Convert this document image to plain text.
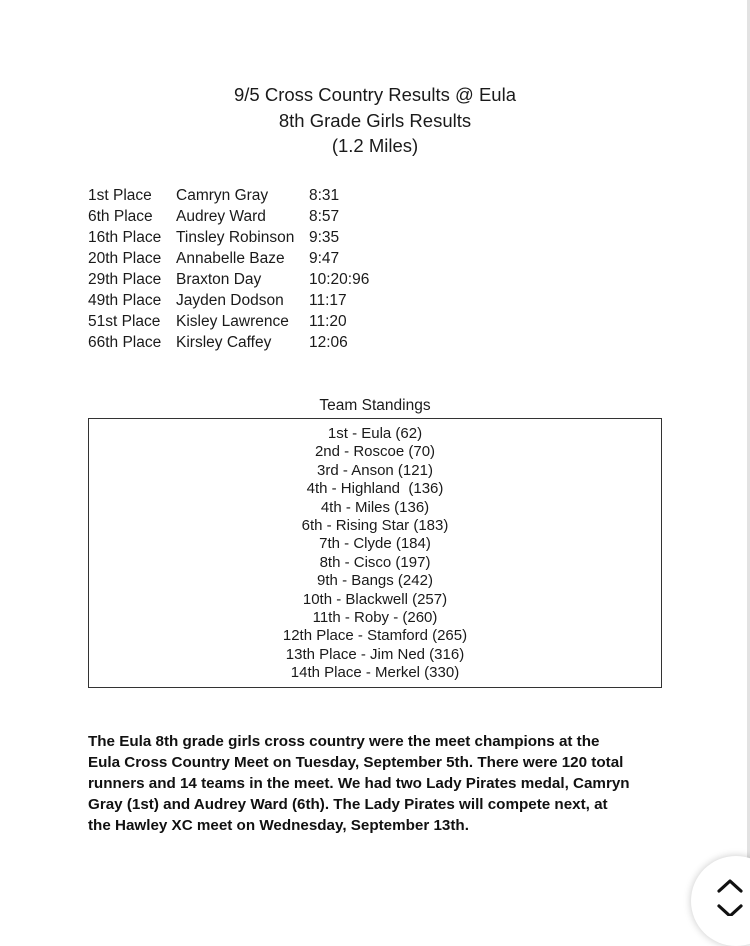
9/5 Cross Country Results @ Eula
8th Grade Girls Results
(1.2 Miles)
1st Place Camryn Gray	8:31
6th Place Audrey Ward	8:57
16th Place Tinsley Robinson 9:35
20th Place Annabelle Baze 9:47
29th Place Braxton Day	10:20:96
49th Place Jayden Dodson 11:17
51st Place Kisley Lawrence 11:20
66th Place Kirsley Caffey 12:06
Team Standings
1st - Eula (62)
2nd - Roscoe (70)
3rd - Anson (121)
4th - Highland  (136)
4th - Miles (136)
6th - Rising Star (183)
7th - Clyde (184)
8th - Cisco (197)
9th - Bangs (242)
10th - Blackwell (257)
11th - Roby - (260)
12th Place - Stamford (265)
13th Place - Jim Ned (316)
14th Place - Merkel (330)
The Eula 8th grade girls cross country were the meet champions at the
Eula Cross Country Meet on Tuesday, September 5th. There were 120 total
runners and 14 teams in the meet. We had two Lady Pirates medal, Camryn
Gray (1st) and Audrey Ward (6th). The Lady Pirates will compete next, at
the Hawley XC meet on Wednesday, September 13th.
